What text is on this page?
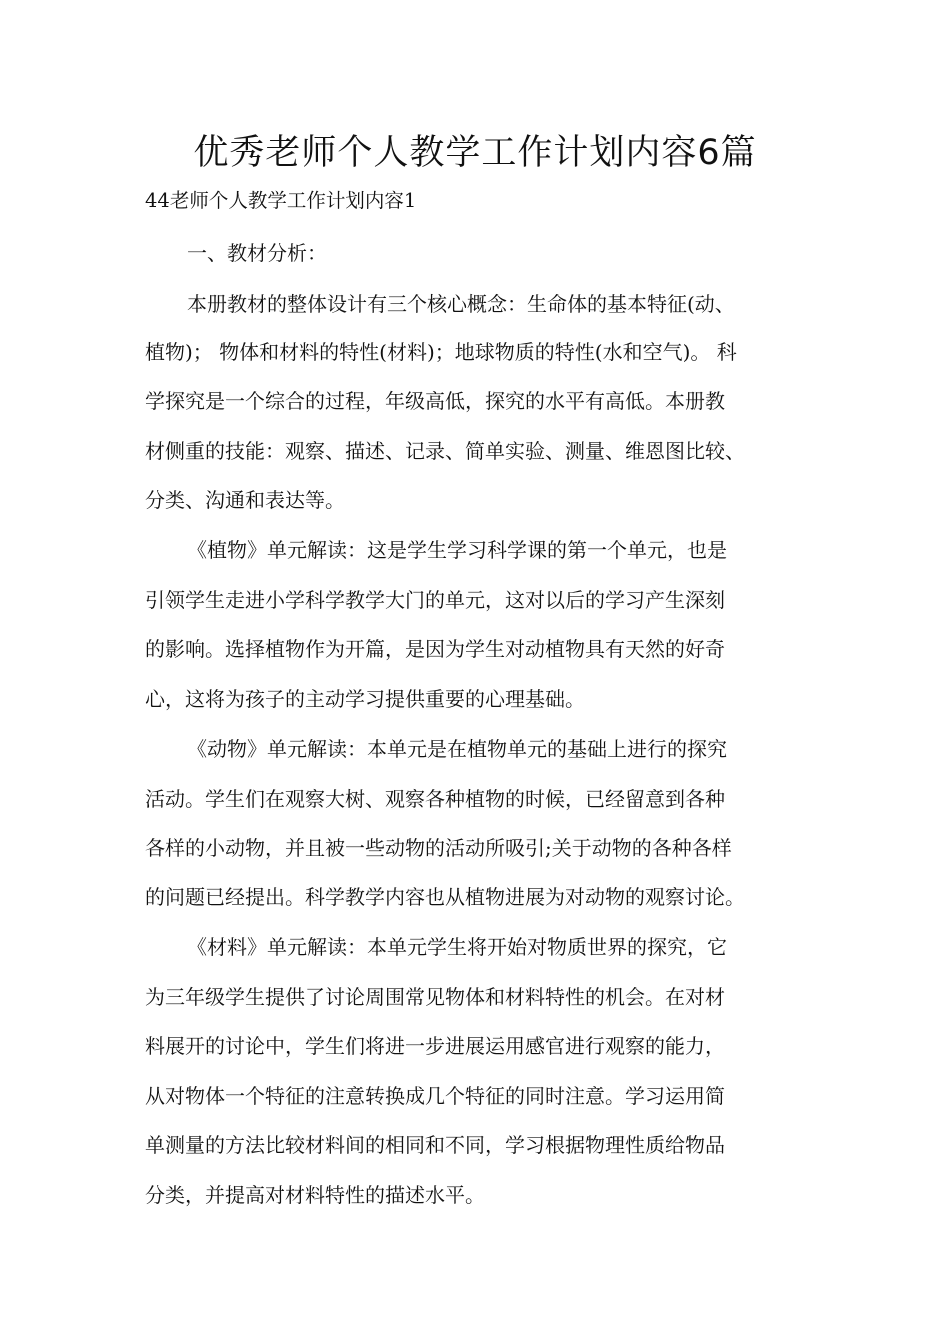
优秀老师个人教学工作计划内容6篇
44老师个人教学工作计划内容1
一、教材分析：
本册教材的整体设计有三个核心概念：生命体的基本特征(动、
植物)； 物体和材料的特性(材料)；地球物质的特性(水和空气)。 科
学探究是一个综合的过程，年级高低，探究的水平有高低。本册教
材侧重的技能：观察、描述、记录、简单实验、测量、维恩图比较、
分类、沟通和表达等。
《植物》单元解读：这是学生学习科学课的第一个单元，也是
引领学生走进小学科学教学大门的单元，这对以后的学习产生深刻
的影响。选择植物作为开篇，是因为学生对动植物具有天然的好奇
心，这将为孩子的主动学习提供重要的心理基础。
《动物》单元解读：本单元是在植物单元的基础上进行的探究
活动。学生们在观察大树、观察各种植物的时候，已经留意到各种
各样的小动物，并且被一些动物的活动所吸引;关于动物的各种各样
的问题已经提出。科学教学内容也从植物进展为对动物的观察讨论。
《材料》单元解读：本单元学生将开始对物质世界的探究，它
为三年级学生提供了讨论周围常见物体和材料特性的机会。在对材
料展开的讨论中，学生们将进一步进展运用感官进行观察的能力，
从对物体一个特征的注意转换成几个特征的同时注意。学习运用简
单测量的方法比较材料间的相同和不同，学习根据物理性质给物品
分类，并提高对材料特性的描述水平。
